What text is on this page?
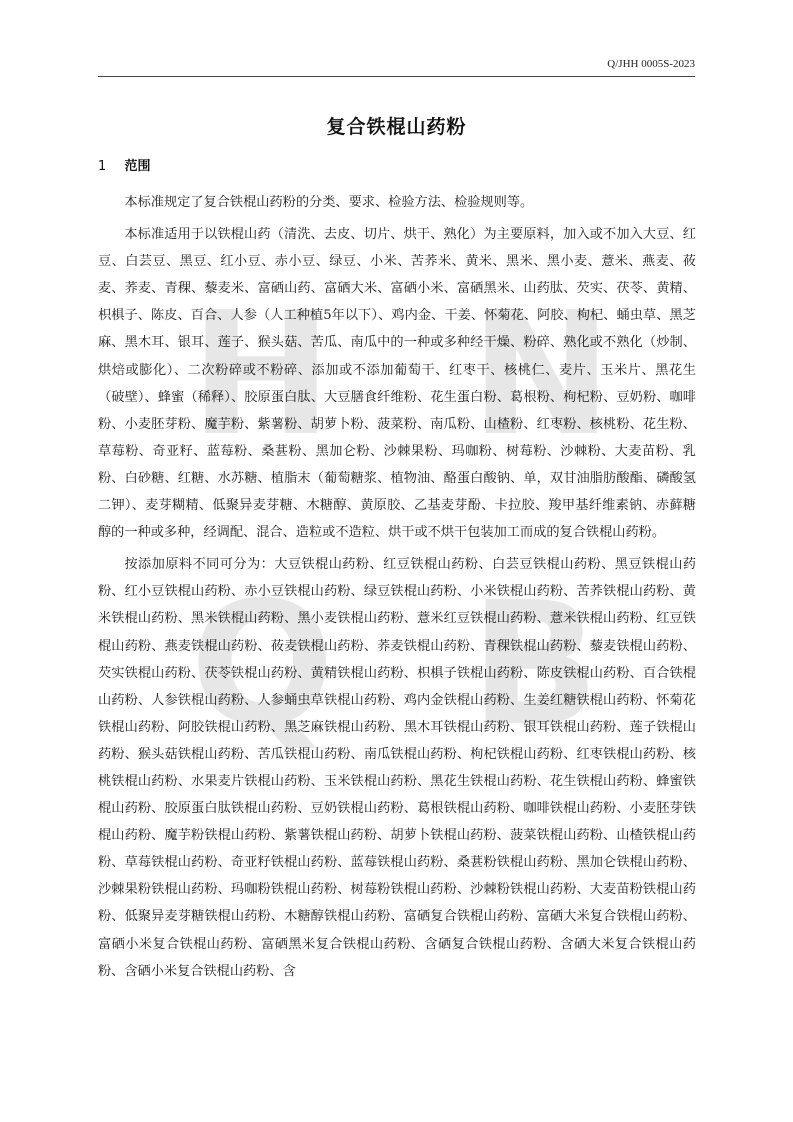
Q/JHH 0005S-2023
H N
Q B
复合铁棍山药粉
1 范围

本标准规定了复合铁棍山药粉的分类、要求、检验方法、检验规则等。

本标准适用于以铁棍山药（清洗、去皮、切片、烘干、熟化）为主要原料，加入或不加入大豆、红豆、白芸豆、黑豆、红小豆、赤小豆、绿豆、小米、苦荞米、黄米、黑米、黑小麦、薏米、燕麦、莜麦、荞麦、青稞、藜麦米、富硒山药、富硒大米、富硒小米、富硒黑米、山药肽、芡实、茯苓、黄精、枳椇子、陈皮、百合、人参（人工种植5年以下）、鸡内金、干姜、怀菊花、阿胶、枸杞、蛹虫草、黑芝麻、黑木耳、银耳、莲子、猴头菇、苦瓜、南瓜中的一种或多种经干燥、粉碎、熟化或不熟化（炒制、烘焙或膨化）、二次粉碎或不粉碎、添加或不添加葡萄干、红枣干、核桃仁、麦片、玉米片、黑花生（破壁）、蜂蜜（稀释）、胶原蛋白肽、大豆膳食纤维粉、花生蛋白粉、葛根粉、枸杞粉、豆奶粉、咖啡粉、小麦胚芽粉、魔芋粉、紫薯粉、胡萝卜粉、菠菜粉、南瓜粉、山楂粉、红枣粉、核桃粉、花生粉、草莓粉、奇亚籽、蓝莓粉、桑葚粉、黑加仑粉、沙棘果粉、玛咖粉、树莓粉、沙棘粉、大麦苗粉、乳粉、白砂糖、红糖、水苏糖、植脂末（葡萄糖浆、植物油、酪蛋白酸钠、单，双甘油脂肪酸酯、磷酸氢二钾）、麦芽糊精、低聚异麦芽糖、木糖醇、黄原胶、乙基麦芽酚、卡拉胶、羧甲基纤维素钠、赤藓糖醇的一种或多种，经调配、混合、造粒或不造粒、烘干或不烘干包装加工而成的复合铁棍山药粉。

按添加原料不同可分为：大豆铁棍山药粉、红豆铁棍山药粉、白芸豆铁棍山药粉、黑豆铁棍山药粉、红小豆铁棍山药粉、赤小豆铁棍山药粉、绿豆铁棍山药粉、小米铁棍山药粉、苦荞铁棍山药粉、黄米铁棍山药粉、黑米铁棍山药粉、黑小麦铁棍山药粉、薏米红豆铁棍山药粉、薏米铁棍山药粉、红豆铁棍山药粉、燕麦铁棍山药粉、莜麦铁棍山药粉、荞麦铁棍山药粉、青稞铁棍山药粉、藜麦铁棍山药粉、芡实铁棍山药粉、茯苓铁棍山药粉、黄精铁棍山药粉、枳椇子铁棍山药粉、陈皮铁棍山药粉、百合铁棍山药粉、人参铁棍山药粉、人参蛹虫草铁棍山药粉、鸡内金铁棍山药粉、生姜红糖铁棍山药粉、怀菊花铁棍山药粉、阿胶铁棍山药粉、黑芝麻铁棍山药粉、黑木耳铁棍山药粉、银耳铁棍山药粉、莲子铁棍山药粉、猴头菇铁棍山药粉、苦瓜铁棍山药粉、南瓜铁棍山药粉、枸杞铁棍山药粉、红枣铁棍山药粉、核桃铁棍山药粉、水果麦片铁棍山药粉、玉米铁棍山药粉、黑花生铁棍山药粉、花生铁棍山药粉、蜂蜜铁棍山药粉、胶原蛋白肽铁棍山药粉、豆奶铁棍山药粉、葛根铁棍山药粉、咖啡铁棍山药粉、小麦胚芽铁棍山药粉、魔芋粉铁棍山药粉、紫薯铁棍山药粉、胡萝卜铁棍山药粉、菠菜铁棍山药粉、山楂铁棍山药粉、草莓铁棍山药粉、奇亚籽铁棍山药粉、蓝莓铁棍山药粉、桑葚粉铁棍山药粉、黑加仑铁棍山药粉、沙棘果粉铁棍山药粉、玛咖粉铁棍山药粉、树莓粉铁棍山药粉、沙棘粉铁棍山药粉、大麦苗粉铁棍山药粉、低聚异麦芽糖铁棍山药粉、木糖醇铁棍山药粉、富硒复合铁棍山药粉、富硒大米复合铁棍山药粉、富硒小米复合铁棍山药粉、富硒黑米复合铁棍山药粉、含硒复合铁棍山药粉、含硒大米复合铁棍山药粉、含硒小米复合铁棍山药粉、含
